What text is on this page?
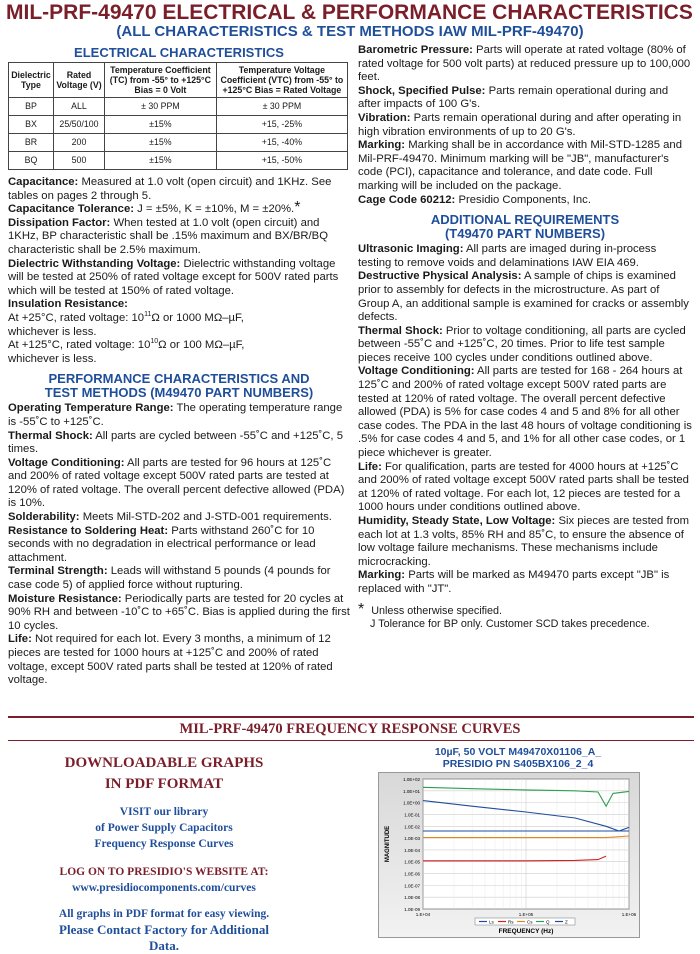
MIL-PRF-49470 ELECTRICAL & PERFORMANCE CHARACTERISTICS
(ALL CHARACTERISTICS & TEST METHODS IAW MIL-PRF-49470)
ELECTRICAL CHARACTERISTICS
Dielectric Type	Rated Voltage (V)	Temperature Coefficient (TC) from -55° to +125°C Bias = 0 Volt	Temperature Voltage Coefficient (VTC) from -55° to +125°C Bias = Rated Voltage
BP	ALL	± 30 PPM	± 30 PPM
BX	25/50/100	±15%	+15, -25%
BR	200	±15%	+15, -40%
BQ	500	±15%	+15, -50%

Capacitance: Measured at 1.0 volt (open circuit) and 1KHz. See tables on pages 2 through 5.

Capacitance Tolerance: J = ±5%, K = ±10%, M = ±20%.*

Dissipation Factor: When tested at 1.0 volt (open circuit) and 1KHz, BP characteristic shall be .15% maximum and BX/BR/BQ characteristic shall be 2.5% maximum.

Dielectric Withstanding Voltage: Dielectric withstanding voltage will be tested at 250% of rated voltage except for 500V rated parts which will be tested at 150% of rated voltage.

Insulation Resistance:

At +25°C, rated voltage: $10^{11}\Omega$ or 1000 MΩ–µF,

whichever is less.

At +125°C, rated voltage: $10^{10}\Omega$ or 100 MΩ–µF,

whichever is less.

PERFORMANCE CHARACTERISTICS AND
TEST METHODS (M49470 PART NUMBERS)

Operating Temperature Range: The operating temperature range is -55˚C to +125˚C.

Thermal Shock: All parts are cycled between -55˚C and +125˚C, 5 times.

Voltage Conditioning: All parts are tested for 96 hours at 125˚C and 200% of rated voltage except 500V rated parts are tested at 120% of rated voltage. The overall percent defective allowed (PDA) is 10%.

Solderability: Meets Mil-STD-202 and J-STD-001 requirements.

Resistance to Soldering Heat: Parts withstand 260˚C for 10 seconds with no degradation in electrical performance or lead attachment.

Terminal Strength: Leads will withstand 5 pounds (4 pounds for case code 5) of applied force without rupturing.

Moisture Resistance: Periodically parts are tested for 20 cycles at 90% RH and between -10˚C to +65˚C. Bias is applied during the first 10 cycles.

Life: Not required for each lot. Every 3 months, a minimum of 12 pieces are tested for 1000 hours at +125˚C and 200% of rated voltage, except 500V rated parts shall be tested at 120% of rated voltage.

Barometric Pressure: Parts will operate at rated voltage (80% of rated voltage for 500 volt parts) at reduced pressure up to 100,000 feet.

Shock, Specified Pulse: Parts remain operational during and after impacts of 100 G's.

Vibration: Parts remain operational during and after operating in high vibration environments of up to 20 G's.

Marking: Marking shall be in accordance with Mil-STD-1285 and Mil-PRF-49470. Minimum marking will be "JB", manufacturer's code (PCI), capacitance and tolerance, and date code. Full marking will be included on the package.

Cage Code 60212: Presidio Components, Inc.

ADDITIONAL REQUIREMENTS
(T49470 PART NUMBERS)

Ultrasonic Imaging: All parts are imaged during in-process testing to remove voids and delaminations IAW EIA 469.

Destructive Physical Analysis: A sample of chips is examined prior to assembly for defects in the microstructure. As part of Group A, an additional sample is examined for cracks or assembly defects.

Thermal Shock: Prior to voltage conditioning, all parts are cycled between -55˚C and +125˚C, 20 times. Prior to life test sample pieces receive 100 cycles under conditions outlined above.

Voltage Conditioning: All parts are tested for 168 - 264 hours at 125˚C and 200% of rated voltage except 500V rated parts are tested at 120% of rated voltage. The overall percent defective allowed (PDA) is 5% for case codes 4 and 5 and 8% for all other case codes. The PDA in the last 48 hours of voltage conditioning is .5% for case codes 4 and 5, and 1% for all other case codes, or 1 piece whichever is greater.

Life: For qualification, parts are tested for 4000 hours at +125˚C and 200% of rated voltage except 500V rated parts shall be tested at 120% of rated voltage. For each lot, 12 pieces are tested for a 1000 hours under conditions outlined above.

Humidity, Steady State, Low Voltage: Six pieces are tested from each lot at 1.3 volts, 85% RH and 85˚C, to ensure the absence of low voltage failure mechanisms. These mechanisms include microcracking.

Marking: Parts will be marked as M49470 parts except "JB" is replaced with "JT".

* Unless otherwise specified.
J Tolerance for BP only. Customer SCD takes precedence.
MIL-PRF-49470 FREQUENCY RESPONSE CURVES
DOWNLOADABLE GRAPHS
IN PDF FORMAT
VISIT our library
of Power Supply Capacitors
Frequency Response Curves
LOG ON TO PRESIDIO'S WEBSITE AT:
www.presidiocomponents.com/curves
All graphs in PDF format for easy viewing.
Please Contact Factory for Additional Data.
10µF, 50 VOLT M49470X01106_A_
PRESIDIO PN S405BX106_2_4
1.0E+02
1.0E+01
1.0E+00
1.0E-01
1.0E-02
1.0E-03
1.0E-04
1.0E-05
1.0E-06
1.0E-07
1.0E-08
1.0E-09
1.E+04	1.E+05	1.E+06
MAGNITUDE
FREQUENCY (Hz)
Ls	Rs	Cs	Q	Z
